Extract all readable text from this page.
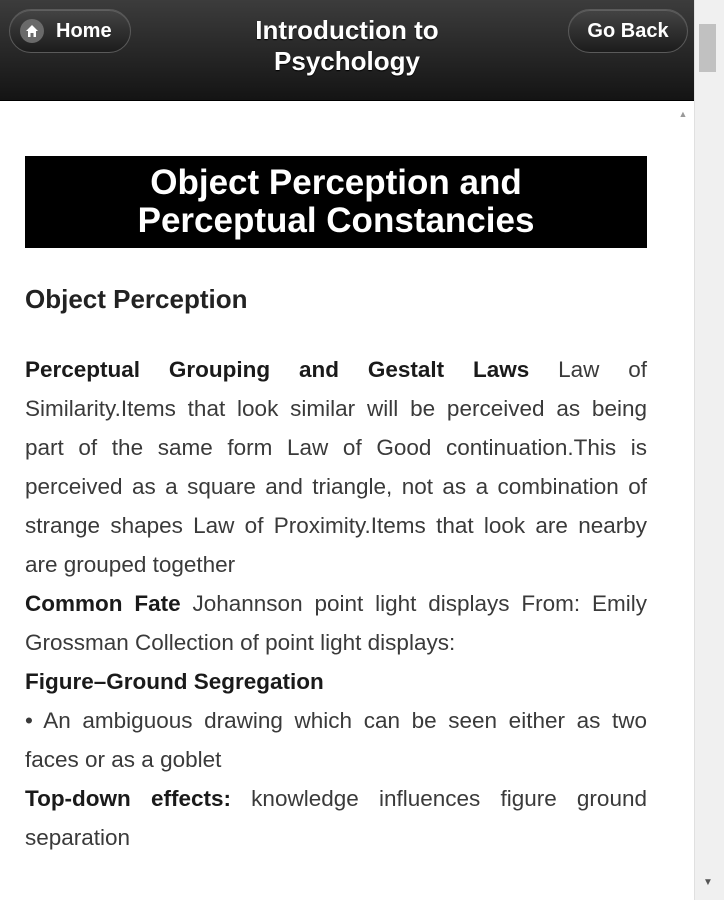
Home	Introduction to Psychology
Go Back
▼
▲
Object Perception and
Perceptual Constancies
Object Perception

Perceptual Grouping and Gestalt Laws Law of Similarity.Items that look similar will be perceived as being part of the same form Law of Good continuation.This is perceived as a square and triangle, not as a combination of strange shapes Law of Proximity.Items that look are nearby are grouped together

Common Fate Johannson point light displays From: Emily Grossman Collection of point light displays:

Figure–Ground Segregation

• An ambiguous drawing which can be seen either as two faces or as a goblet

Top-down effects: knowledge influences figure ground separation
